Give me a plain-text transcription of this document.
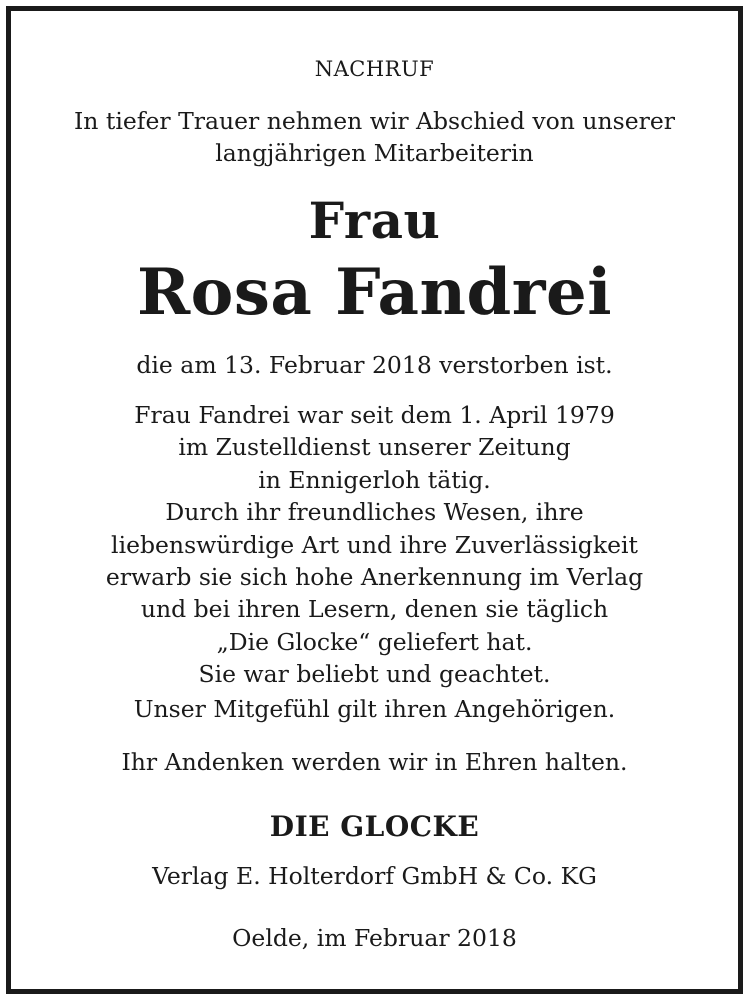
NACHRUF
In tiefer Trauer nehmen wir Abschied von unserer
langjährigen Mitarbeiterin
Frau
Rosa Fandrei
die am 13. Februar 2018 verstorben ist.
Frau Fandrei war seit dem 1. April 1979
im Zustelldienst unserer Zeitung
in Ennigerloh tätig.
Durch ihr freundliches Wesen, ihre
liebenswürdige Art und ihre Zuverlässigkeit
erwarb sie sich hohe Anerkennung im Verlag
und bei ihren Lesern, denen sie täglich
„Die Glocke“ geliefert hat.
Sie war beliebt und geachtet.
Unser Mitgefühl gilt ihren Angehörigen.
Ihr Andenken werden wir in Ehren halten.
DIE GLOCKE
Verlag E. Holterdorf GmbH & Co. KG
Oelde, im Februar 2018
